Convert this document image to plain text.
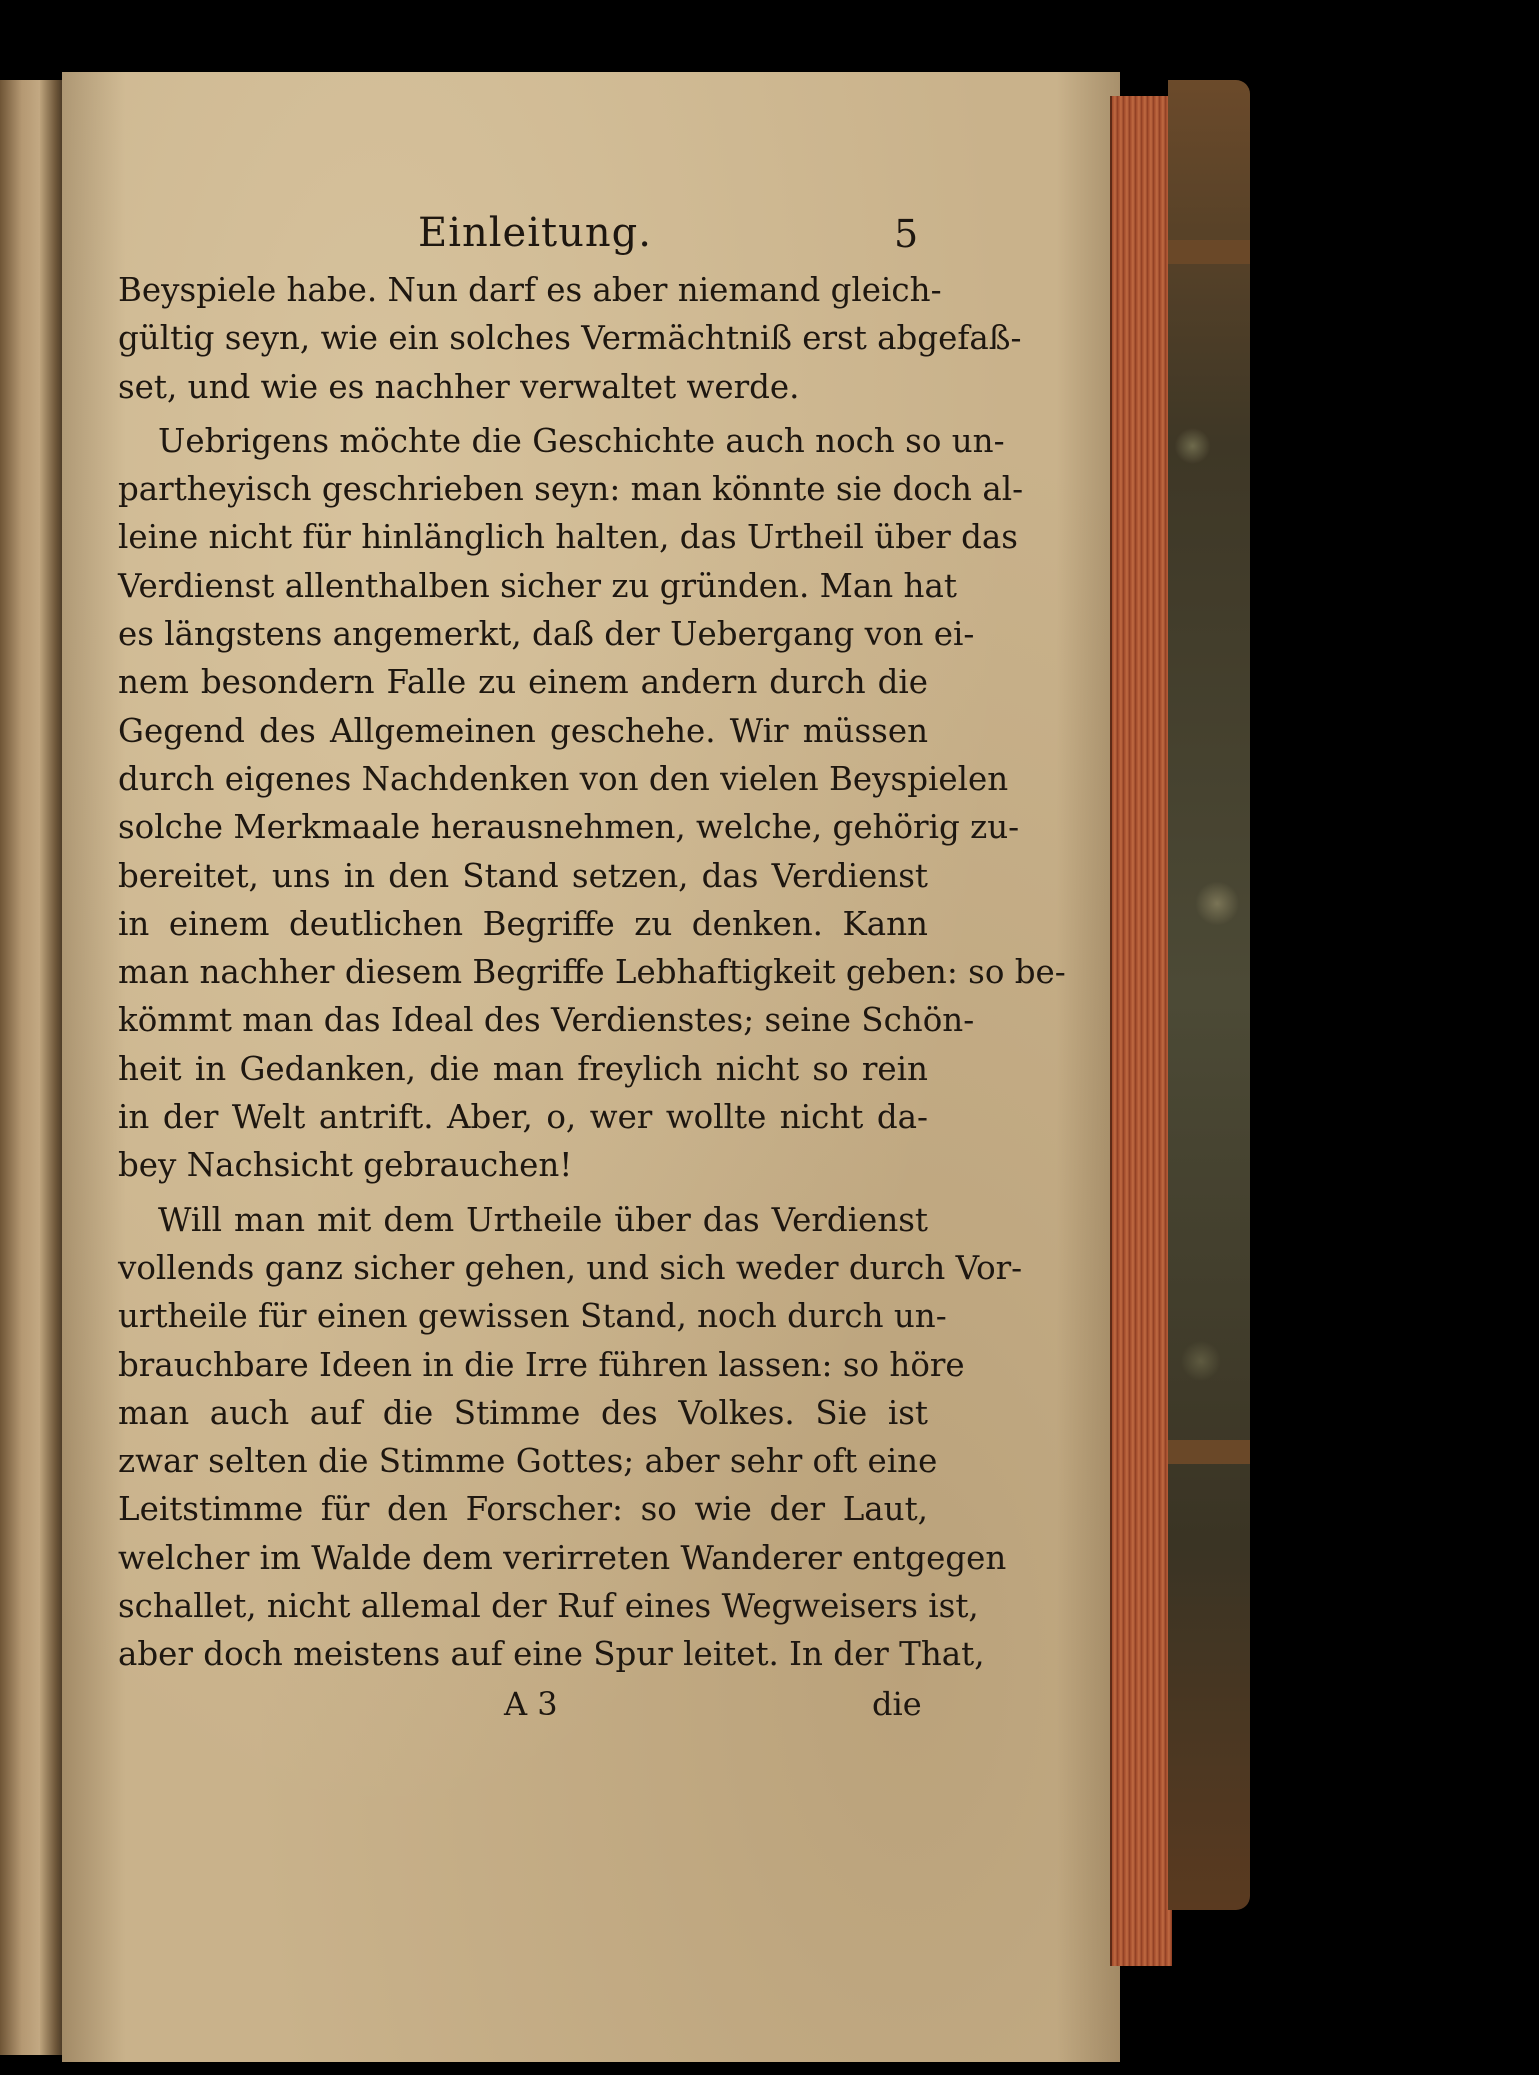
Einleitung.	5
Beyspiele habe. Nun darf es aber niemand gleich-
gültig seyn, wie ein solches Vermächtniß erst abgefaß-
set, und wie es nachher verwaltet werde.
Uebrigens möchte die Geschichte auch noch so un-
partheyisch geschrieben seyn: man könnte sie doch al-
leine nicht für hinlänglich halten, das Urtheil über das
Verdienst allenthalben sicher zu gründen. Man hat
es längstens angemerkt, daß der Uebergang von ei-
nem besondern Falle zu einem andern durch die
Gegend des Allgemeinen geschehe. Wir müssen
durch eigenes Nachdenken von den vielen Beyspielen
solche Merkmaale herausnehmen, welche, gehörig zu-
bereitet, uns in den Stand setzen, das Verdienst
in einem deutlichen Begriffe zu denken. Kann
man nachher diesem Begriffe Lebhaftigkeit geben: so be-
kömmt man das Ideal des Verdienstes; seine Schön-
heit in Gedanken, die man freylich nicht so rein
in der Welt antrift. Aber, o, wer wollte nicht da-
bey Nachsicht gebrauchen!
Will man mit dem Urtheile über das Verdienst
vollends ganz sicher gehen, und sich weder durch Vor-
urtheile für einen gewissen Stand, noch durch un-
brauchbare Ideen in die Irre führen lassen: so höre
man auch auf die Stimme des Volkes. Sie ist
zwar selten die Stimme Gottes; aber sehr oft eine
Leitstimme für den Forscher: so wie der Laut,
welcher im Walde dem verirreten Wanderer entgegen
schallet, nicht allemal der Ruf eines Wegweisers ist,
aber doch meistens auf eine Spur leitet. In der That,
A 3	die
